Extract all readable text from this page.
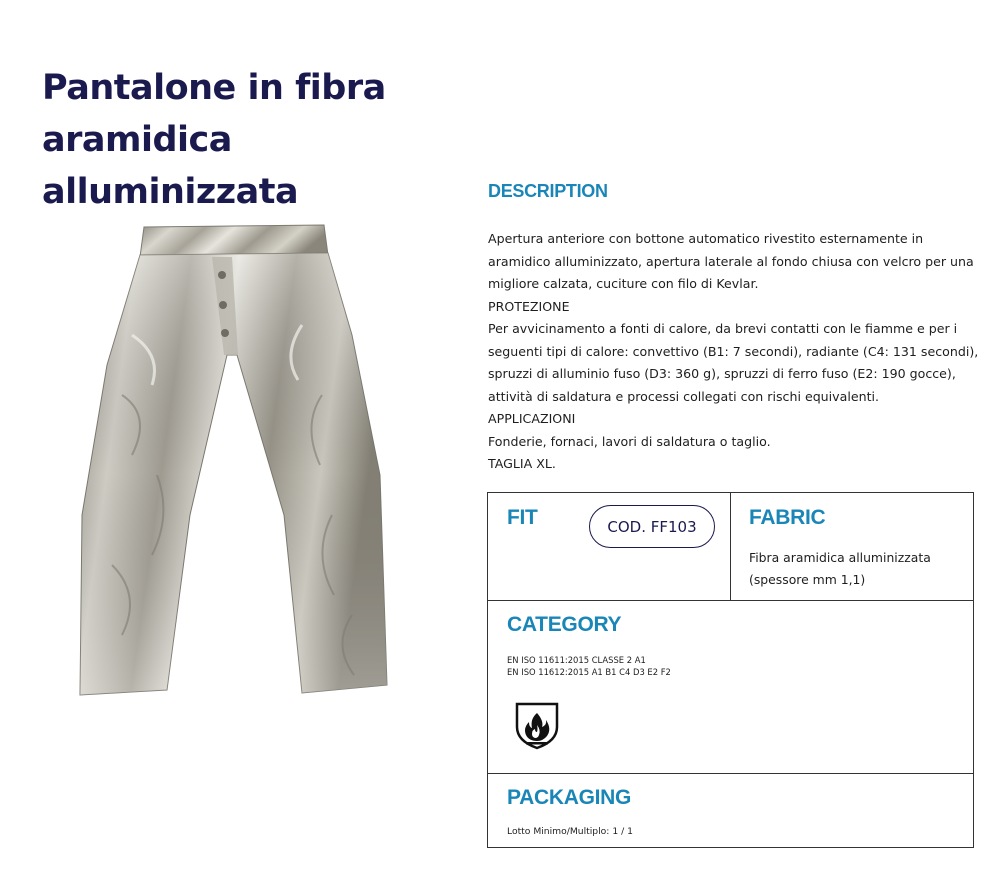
Pantalone in fibra aramidica alluminizzata	DESCRIPTION

Apertura anteriore con bottone automatico rivestito esternamente in aramidico alluminizzato, apertura laterale al fondo chiusa con velcro per una migliore calzata, cuciture con filo di Kevlar.

PROTEZIONE

Per avvicinamento a fonti di calore, da brevi contatti con le fiamme e per i seguenti tipi di calore: convettivo (B1: 7 secondi), radiante (C4: 131 secondi), spruzzi di alluminio fuso (D3: 360 g), spruzzi di ferro fuso (E2: 190 gocce), attività di saldatura e processi collegati con rischi equivalenti.

APPLICAZIONI

Fonderie, fornaci, lavori di saldatura o taglio.

TAGLIA XL.

FIT	COD. FF103	FABRIC

Fibra aramidica alluminizzata (spessore mm 1,1)

CATEGORY
EN ISO 11611:2015 CLASSE 2 A1
EN ISO 11612:2015 A1 B1 C4 D3 E2 F2
PACKAGING

Lotto Minimo/Multiplo: 1 / 1
